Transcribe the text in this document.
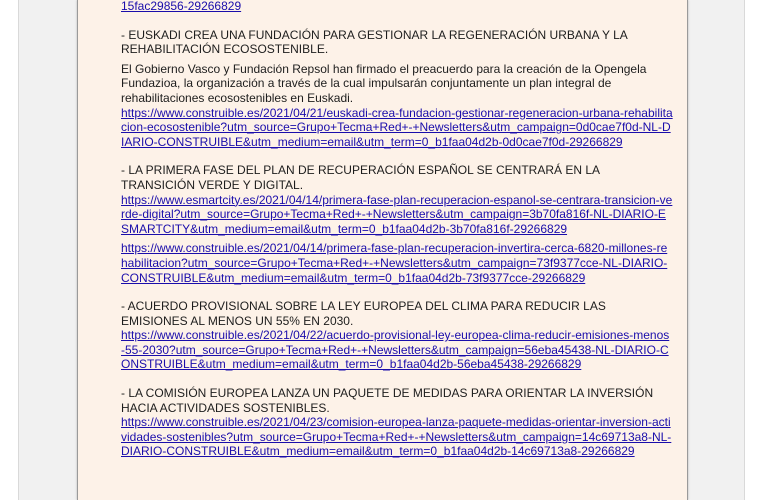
15fac29856-29266829
- EUSKADI CREA UNA FUNDACIÓN PARA GESTIONAR LA REGENERACIÓN URBANA Y LA REHABILITACIÓN ECOSOSTENIBLE.
El Gobierno Vasco y Fundación Repsol han firmado el preacuerdo para la creación de la Opengela Fundazioa, la organización a través de la cual impulsarán conjuntamente un plan integral de rehabilitaciones ecosostenibles en Euskadi.
https://www.construible.es/2021/04/21/euskadi-crea-fundacion-gestionar-regeneracion-urbana-rehabilitacion-ecosostenible?utm_source=Grupo+Tecma+Red+-+Newsletters&utm_campaign=0d0cae7f0d-NL-DIARIO-CONSTRUIBLE&utm_medium=email&utm_term=0_b1faa04d2b-0d0cae7f0d-29266829
- LA PRIMERA FASE DEL PLAN DE RECUPERACIÓN ESPAÑOL SE CENTRARÁ EN LA TRANSICIÓN VERDE Y DIGITAL.
https://www.esmartcity.es/2021/04/14/primera-fase-plan-recuperacion-espanol-se-centrara-transicion-verde-digital?utm_source=Grupo+Tecma+Red+-+Newsletters&utm_campaign=3b70fa816f-NL-DIARIO-ESMARTCITY&utm_medium=email&utm_term=0_b1faa04d2b-3b70fa816f-29266829
https://www.construible.es/2021/04/14/primera-fase-plan-recuperacion-invertira-cerca-6820-millones-rehabilitacion?utm_source=Grupo+Tecma+Red+-+Newsletters&utm_campaign=73f9377cce-NL-DIARIO-CONSTRUIBLE&utm_medium=email&utm_term=0_b1faa04d2b-73f9377cce-29266829
- ACUERDO PROVISIONAL SOBRE LA LEY EUROPEA DEL CLIMA PARA REDUCIR LAS EMISIONES AL MENOS UN 55% EN 2030.
https://www.construible.es/2021/04/22/acuerdo-provisional-ley-europea-clima-reducir-emisiones-menos-55-2030?utm_source=Grupo+Tecma+Red+-+Newsletters&utm_campaign=56eba45438-NL-DIARIO-CONSTRUIBLE&utm_medium=email&utm_term=0_b1faa04d2b-56eba45438-29266829
- LA COMISIÓN EUROPEA LANZA UN PAQUETE DE MEDIDAS PARA ORIENTAR LA INVERSIÓN HACIA ACTIVIDADES SOSTENIBLES.
https://www.construible.es/2021/04/23/comision-europea-lanza-paquete-medidas-orientar-inversion-actividades-sostenibles?utm_source=Grupo+Tecma+Red+-+Newsletters&utm_campaign=14c69713a8-NL-DIARIO-CONSTRUIBLE&utm_medium=email&utm_term=0_b1faa04d2b-14c69713a8-29266829
